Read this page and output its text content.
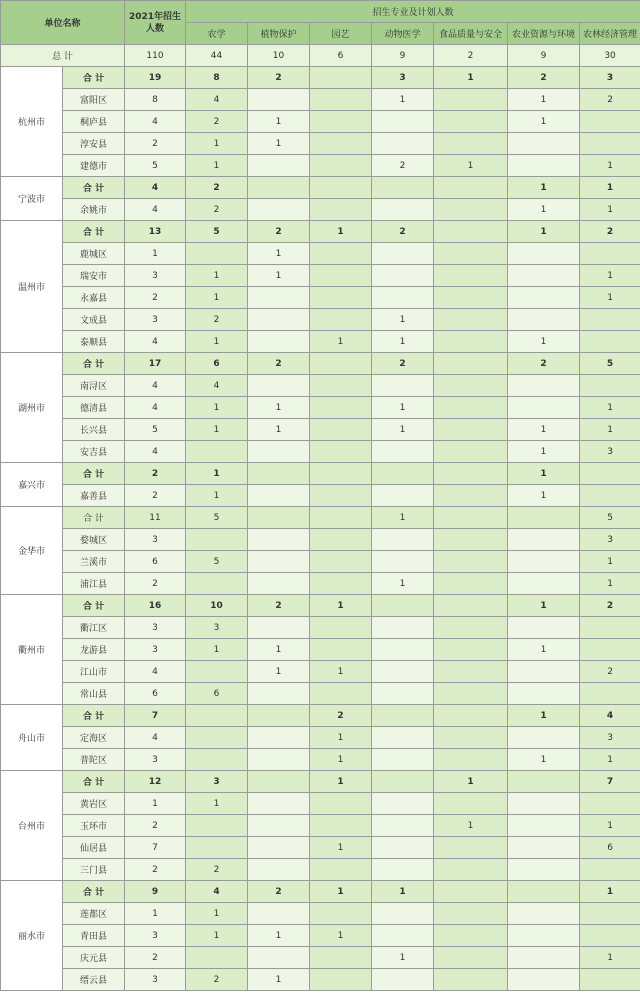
单位名称		2021年招生人数	招生专业及计划人数						
			农学	植物保护	园艺	动物医学	食品质量与安全	农业资源与环境	农林经济管理
总 计		110	44	10	6	9	2	9	30
杭州市	合 计	19	8	2		3	1	2	3
	富阳区	8	4			1		1	2
	桐庐县	4	2	1				1	
	淳安县	2	1	1					
	建德市	5	1			2	1		1
宁波市	合 计	4	2					1	1
	余姚市	4	2					1	1
温州市	合 计	13	5	2	1	2		1	2
	鹿城区	1		1					
	瑞安市	3	1	1					1
	永嘉县	2	1						1
	文成县	3	2			1			
	泰顺县	4	1		1	1		1	
湖州市	合 计	17	6	2		2		2	5
	南浔区	4	4						
	德清县	4	1	1		1			1
	长兴县	5	1	1		1		1	1
	安吉县	4						1	3
嘉兴市	合 计	2	1					1	
	嘉善县	2	1					1	
金华市	合 计	11	5			1			5
	婺城区	3							3
	兰溪市	6	5						1
	浦江县	2				1			1
衢州市	合 计	16	10	2	1			1	2
	衢江区	3	3						
	龙游县	3	1	1				1	
	江山市	4		1	1				2
	常山县	6	6						
舟山市	合 计	7			2			1	4
	定海区	4			1				3
	普陀区	3			1			1	1
台州市	合 计	12	3		1		1		7
	黄岩区	1	1						
	玉环市	2					1		1
	仙居县	7			1				6
	三门县	2	2						
丽水市	合 计	9	4	2	1	1			1
	莲都区	1	1						
	青田县	3	1	1	1				
	庆元县	2				1			1
	缙云县	3	2	1					
